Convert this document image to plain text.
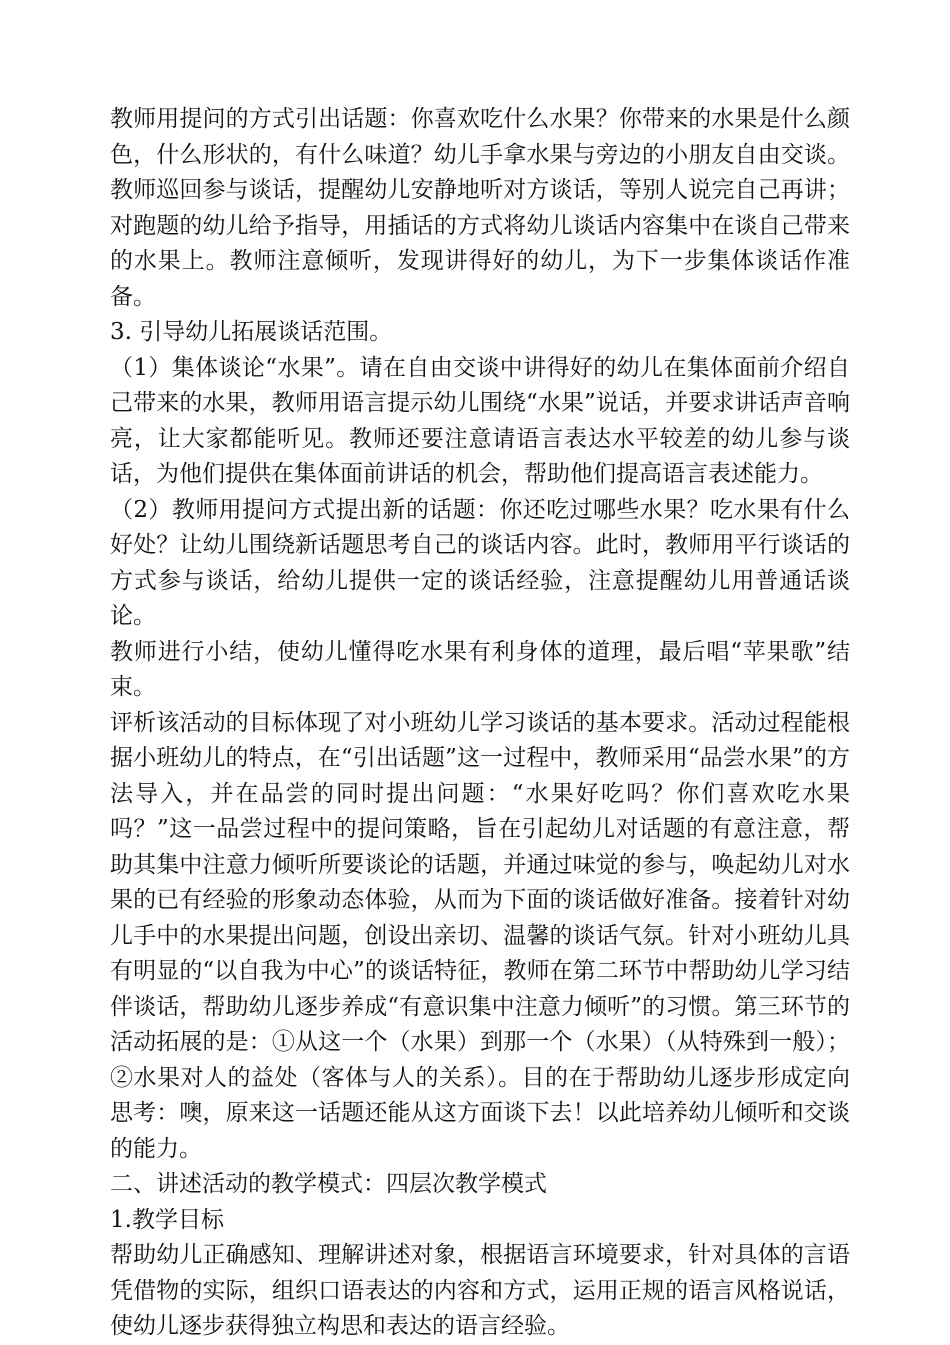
教师用提问的方式引出话题：你喜欢吃什么水果？你带来的水果是什么颜色，什么形状的，有什么味道？幼儿手拿水果与旁边的小朋友自由交谈。教师巡回参与谈话，提醒幼儿安静地听对方谈话，等别人说完自己再讲；对跑题的幼儿给予指导，用插话的方式将幼儿谈话内容集中在谈自己带来的水果上。教师注意倾听，发现讲得好的幼儿，为下一步集体谈话作准备。

3. 引导幼儿拓展谈话范围。

（1）集体谈论“水果”。请在自由交谈中讲得好的幼儿在集体面前介绍自己带来的水果，教师用语言提示幼儿围绕“水果”说话，并要求讲话声音响亮，让大家都能听见。教师还要注意请语言表达水平较差的幼儿参与谈话，为他们提供在集体面前讲话的机会，帮助他们提高语言表述能力。

（2）教师用提问方式提出新的话题：你还吃过哪些水果？吃水果有什么好处？让幼儿围绕新话题思考自己的谈话内容。此时，教师用平行谈话的方式参与谈话，给幼儿提供一定的谈话经验，注意提醒幼儿用普通话谈论。

教师进行小结，使幼儿懂得吃水果有利身体的道理，最后唱“苹果歌”结束。

评析该活动的目标体现了对小班幼儿学习谈话的基本要求。活动过程能根据小班幼儿的特点，在“引出话题”这一过程中，教师采用“品尝水果”的方法导入，并在品尝的同时提出问题：“水果好吃吗？你们喜欢吃水果吗？”这一品尝过程中的提问策略，旨在引起幼儿对话题的有意注意，帮助其集中注意力倾听所要谈论的话题，并通过味觉的参与，唤起幼儿对水果的已有经验的形象动态体验，从而为下面的谈话做好准备。接着针对幼儿手中的水果提出问题，创设出亲切、温馨的谈话气氛。针对小班幼儿具有明显的“以自我为中心”的谈话特征，教师在第二环节中帮助幼儿学习结伴谈话，帮助幼儿逐步养成“有意识集中注意力倾听”的习惯。第三环节的活动拓展的是：①从这一个（水果）到那一个（水果）（从特殊到一般）；②水果对人的益处（客体与人的关系）。目的在于帮助幼儿逐步形成定向思考：噢，原来这一话题还能从这方面谈下去！以此培养幼儿倾听和交谈的能力。

二、讲述活动的教学模式：四层次教学模式

1.教学目标

帮助幼儿正确感知、理解讲述对象，根据语言环境要求，针对具体的言语凭借物的实际，组织口语表达的内容和方式，运用正规的语言风格说话，使幼儿逐步获得独立构思和表达的语言经验。
